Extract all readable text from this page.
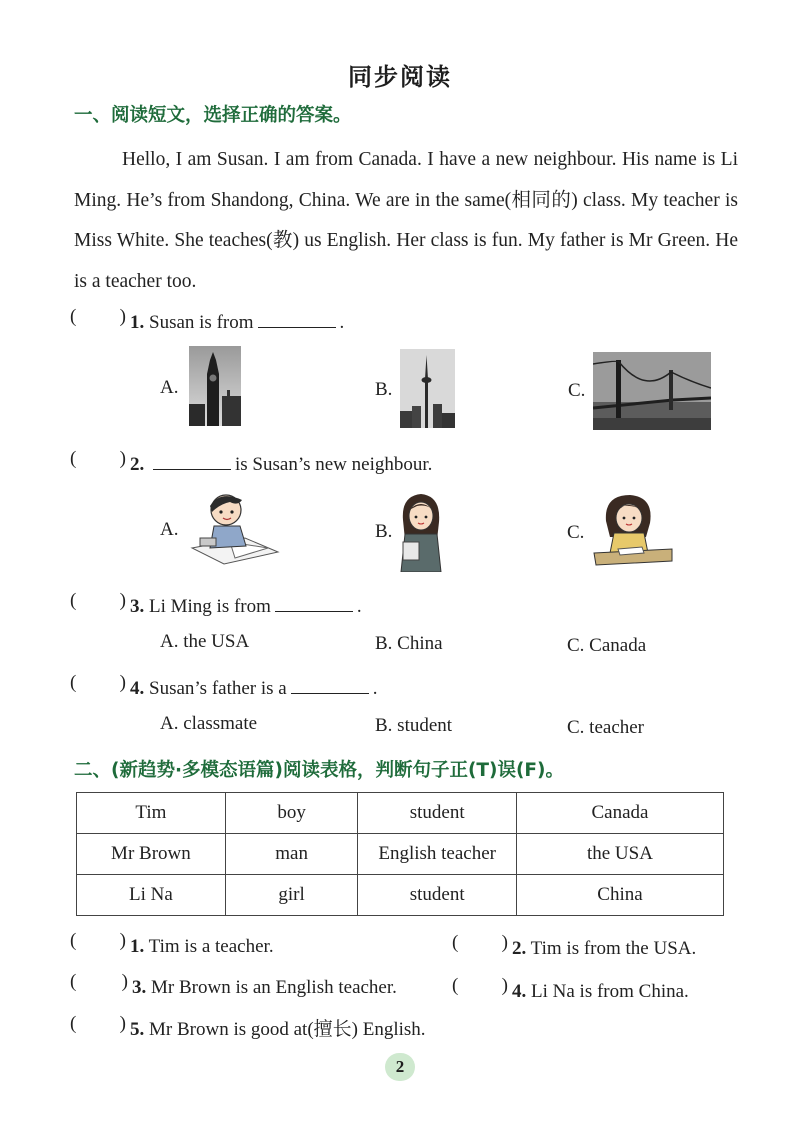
同步阅读
一、阅读短文，选择正确的答案。
Hello, I am Susan. I am from Canada. I have a new neighbour. His name is Li Ming. He’s from Shandong, China. We are in the same(相同的) class. My teacher is Miss White. She teaches(教) us English. Her class is fun. My father is Mr Green. He is a teacher too.
( ) 1. Susan is from	.
A.	B.	C.
( ) 2.	is Susan’s new neighbour.
A.	B.	C.
( ) 3. Li Ming is from	.
A. the USA	B. China	C. Canada
( ) 4. Susan’s father is a	.
A. classmate	B. student	C. teacher
二、(新趋势·多模态语篇)阅读表格，判断句子正(T)误(F)。
Tim	boy	student	Canada
Mr Brown	man	English teacher	the USA
Li Na	girl	student	China
( ) 1. Tim is a teacher.	( ) 2. Tim is from the USA.
( ) 3. Mr Brown is an English teacher.	( ) 4. Li Na is from China.
( ) 5. Mr Brown is good at(擅长) English.
2
